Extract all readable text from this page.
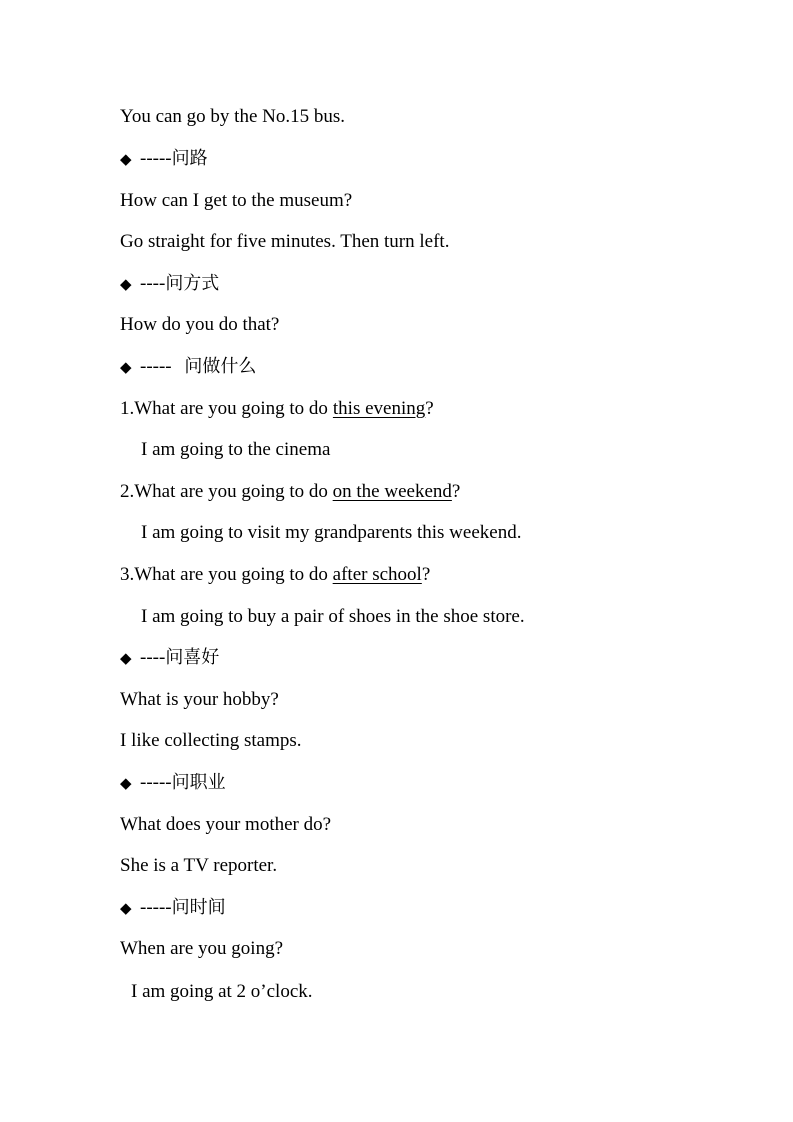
You can go by the No.15 bus.
◆ -----问路
How can I get to the museum?
Go straight for five minutes. Then turn left.
◆ ----问方式
How do you do that?
◆ ----- 问做什么
1.What are you going to do this evening?
I am going to the cinema
2.What are you going to do on the weekend?
I am going to visit my grandparents this weekend.
3.What are you going to do after school?
I am going to buy a pair of shoes in the shoe store.
◆ ----问喜好
What is your hobby?
I like collecting stamps.
◆ -----问职业
What does your mother do?
She is a TV reporter.
◆ -----问时间
When are you going?
I am going at 2 o’clock.
